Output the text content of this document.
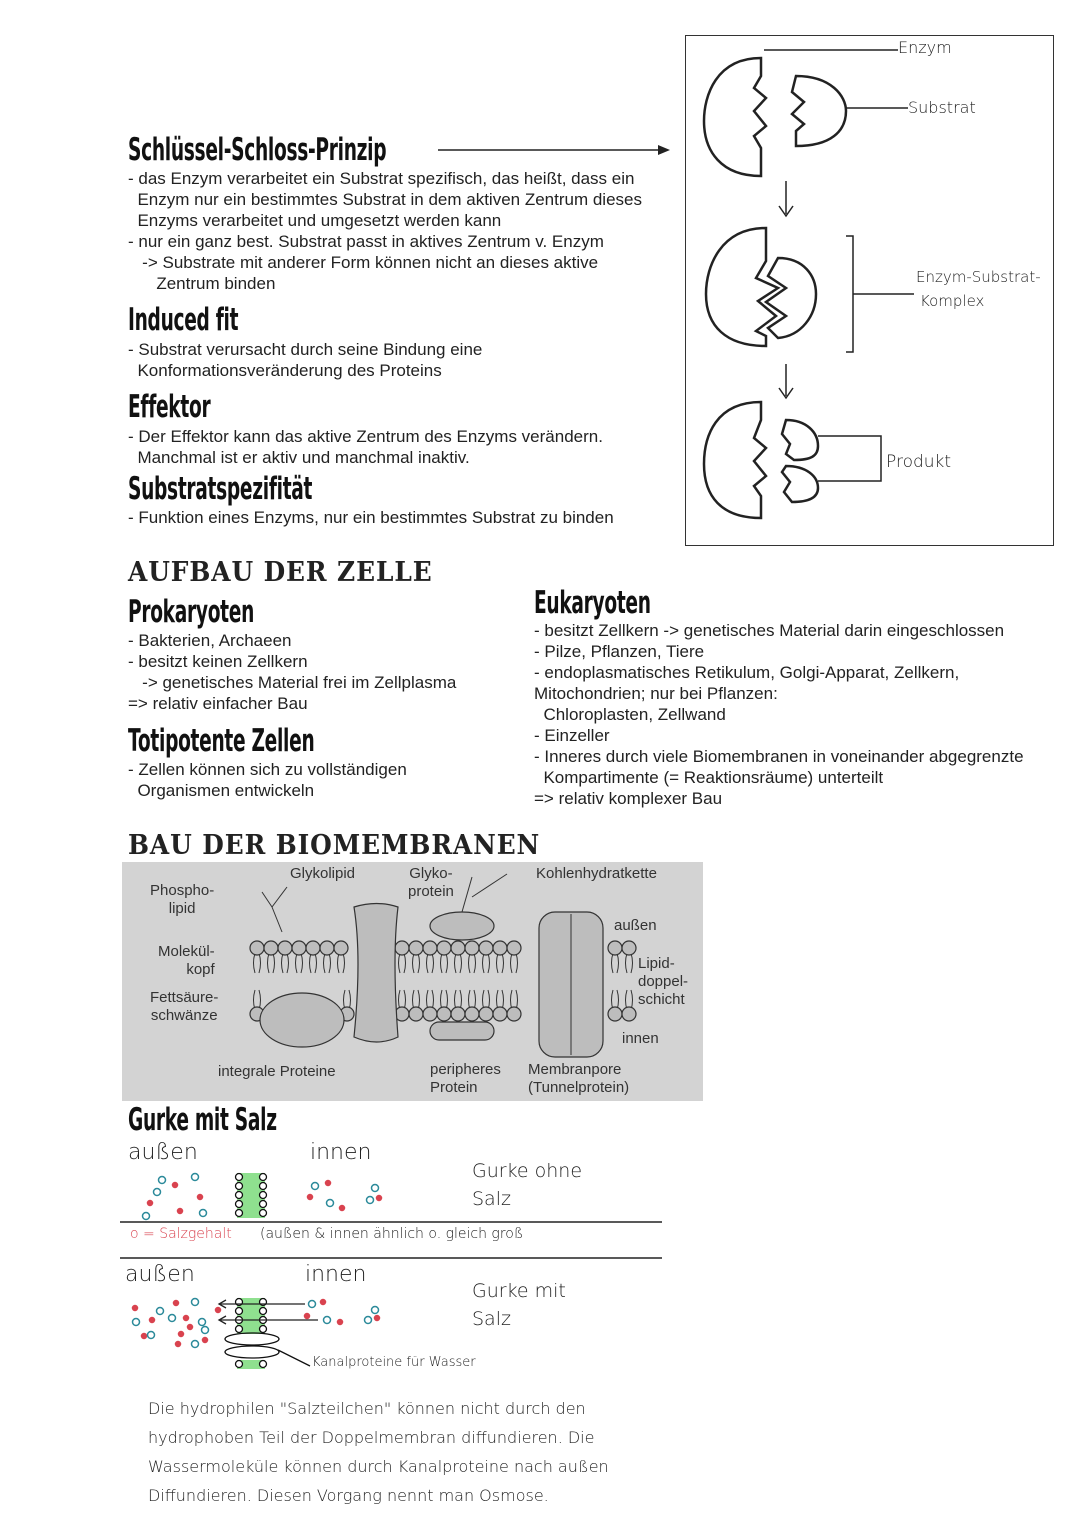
Schlüssel-Schloss-Prinzip
- das Enzym verarbeitet ein Substrat spezifisch, das heißt, dass ein
Enzym nur ein bestimmtes Substrat in dem aktiven Zentrum dieses
Enzyms verarbeitet und umgesetzt werden kann
- nur ein ganz best. Substrat passt in aktives Zentrum v. Enzym
-> Substrate mit anderer Form können nicht an dieses aktive
Zentrum binden
Induced fit
- Substrat verursacht durch seine Bindung eine
Konformationsveränderung des Proteins
Effektor
- Der Effektor kann das aktive Zentrum des Enzyms verändern.
Manchmal ist er aktiv und manchmal inaktiv.
Substratspezifität
- Funktion eines Enzyms, nur ein bestimmtes Substrat zu binden
Enzym
Substrat
Enzym-Substrat-
Komplex
Produkt
AUFBAU DER ZELLE
Prokaryoten
- Bakterien, Archaeen
- besitzt keinen Zellkern
-> genetisches Material frei im Zellplasma
=> relativ einfacher Bau
Totipotente Zellen
- Zellen können sich zu vollständigen
Organismen entwickeln
Eukaryoten
- besitzt Zellkern -> genetisches Material darin eingeschlossen
- Pilze, Pflanzen, Tiere
- endoplasmatisches Retikulum, Golgi-Apparat, Zellkern,
Mitochondrien; nur bei Pflanzen:
Chloroplasten, Zellwand
- Einzeller
- Inneres durch viele Biomembranen in voneinander abgegrenzte
Kompartimente (= Reaktionsräume) unterteilt
=> relativ komplexer Bau
BAU DER BIOMEMBRANEN
Phospho-
lipid
Molekül-
kopf
Fettsäure-
schwänze
Glykolipid	Glyko-
protein
Kohlenhydratkette
außen
Lipid-
doppel-
schicht
innen
integrale Proteine	peripheres
Protein
Membranpore
(Tunnelprotein)
Gurke mit Salz
außen	innen
Gurke ohne
Salz
o = Salzgehalt (außen & innen ähnlich o. gleich groß
außen	innen
Gurke mit
Salz
Kanalproteine für Wasser
Die hydrophilen "Salzteilchen" können nicht durch den
hydrophoben Teil der Doppelmembran diffundieren. Die
Wassermoleküle können durch Kanalproteine nach außen
Diffundieren. Diesen Vorgang nennt man Osmose.
